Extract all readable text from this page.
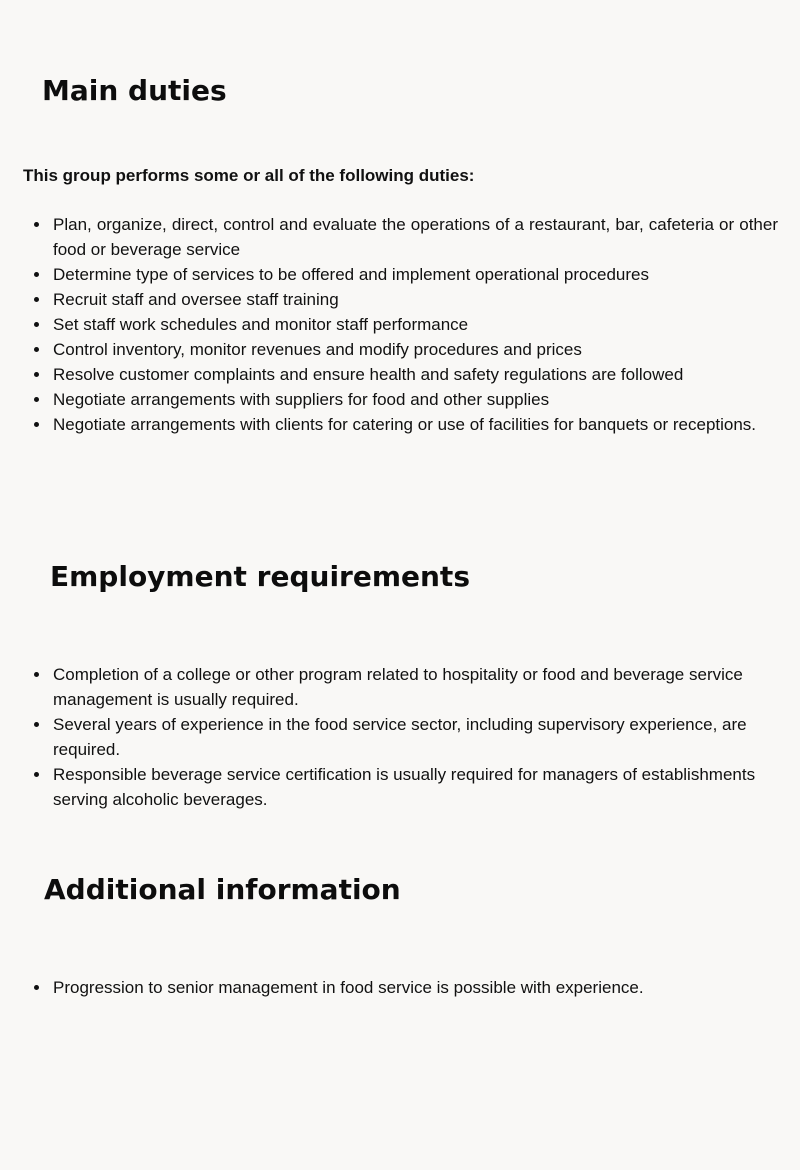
Main duties

This group performs some or all of the following duties:

Plan, organize, direct, control and evaluate the operations of a restaurant, bar, cafeteria or other food or beverage service
Determine type of services to be offered and implement operational procedures
Recruit staff and oversee staff training
Set staff work schedules and monitor staff performance
Control inventory, monitor revenues and modify procedures and prices
Resolve customer complaints and ensure health and safety regulations are followed
Negotiate arrangements with suppliers for food and other supplies
Negotiate arrangements with clients for catering or use of facilities for banquets or receptions.
Employment requirements
Completion of a college or other program related to hospitality or food and beverage service management is usually required.
Several years of experience in the food service sector, including supervisory experience, are required.
Responsible beverage service certification is usually required for managers of establishments serving alcoholic beverages.
Additional information
Progression to senior management in food service is possible with experience.
